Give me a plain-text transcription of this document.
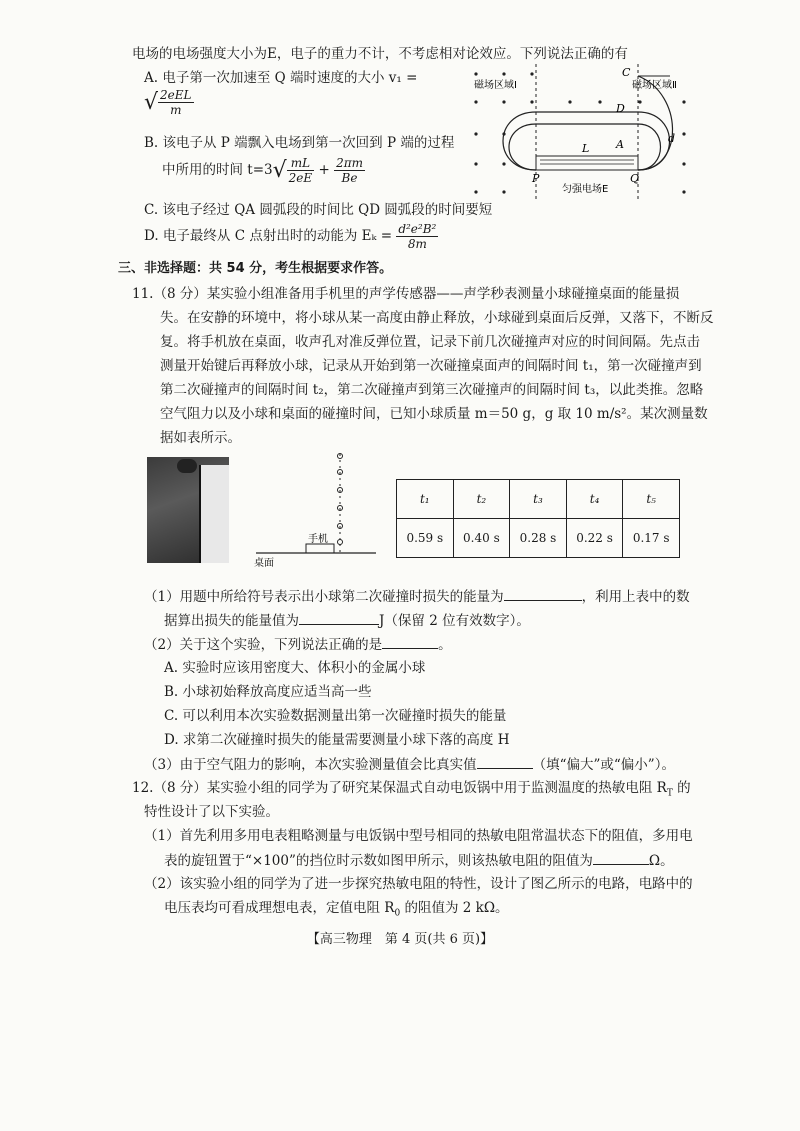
电场的电场强度大小为E，电子的重力不计，不考虑相对论效应。下列说法正确的有
A. 电子第一次加速至 Q 端时速度的大小 v₁ =
√ $\frac{\text{2eEL}}{m}$
B. 该电子从 P 端飘入电场到第一次回到 P 端的过程
中所用的时间 $t=3√ \frac{mL}{2eE} + \frac{2\pi m}{Be}$
C. 该电子经过 QA 圆弧段的时间比 QD 圆弧段的时间要短
D. 电子最终从 C 点射出时的动能为 $E_k = \frac{\text{d²e²B²}}{8m}$
磁场区域Ⅰ	磁场区域Ⅱ
C
D
A
P	Q
L
d
匀强电场E
三、非选择题：共 54 分，考生根据要求作答。
11.（8 分）某实验小组准备用手机里的声学传感器——声学秒表测量小球碰撞桌面的能量损
失。在安静的环境中，将小球从某一高度由静止释放，小球碰到桌面后反弹，又落下，不断反
复。将手机放在桌面，收声孔对准反弹位置，记录下前几次碰撞声对应的时间间隔。先点击
测量开始键后再释放小球，记录从开始到第一次碰撞桌面声的间隔时间 t₁，第一次碰撞声到
第二次碰撞声的间隔时间 t₂，第二次碰撞声到第三次碰撞声的间隔时间 t₃，以此类推。忽略
空气阻力以及小球和桌面的碰撞时间，已知小球质量 m＝50 g，g 取 10 m/s²。某次测量数
据如表所示。
手机
桌面
t₁	t₂	t₃	t₄	t₅
0.59 s	0.40 s	0.28 s	0.22 s	0.17 s
（1）用题中所给符号表示出小球第二次碰撞时损失的能量为	，利用上表中的数
据算出损失的能量值为	J（保留 2 位有效数字）。
（2）关于这个实验，下列说法正确的是	。
A. 实验时应该用密度大、体积小的金属小球
B. 小球初始释放高度应适当高一些
C. 可以利用本次实验数据测量出第一次碰撞时损失的能量
D. 求第二次碰撞时损失的能量需要测量小球下落的高度 H
（3）由于空气阻力的影响，本次实验测量值会比真实值	（填“偏大”或“偏小”）。
12.（8 分）某实验小组的同学为了研究某保温式自动电饭锅中用于监测温度的热敏电阻 $R_T$ 的
特性设计了以下实验。
（1）首先利用多用电表粗略测量与电饭锅中型号相同的热敏电阻常温状态下的阻值，多用电
表的旋钮置于“×100”的挡位时示数如图甲所示，则该热敏电阻的阻值为	Ω。
（2）该实验小组的同学为了进一步探究热敏电阻的特性，设计了图乙所示的电路，电路中的
电压表均可看成理想电表，定值电阻 $R_0$ 的阻值为 2 kΩ。
【高三物理　第 4 页(共 6 页)】
